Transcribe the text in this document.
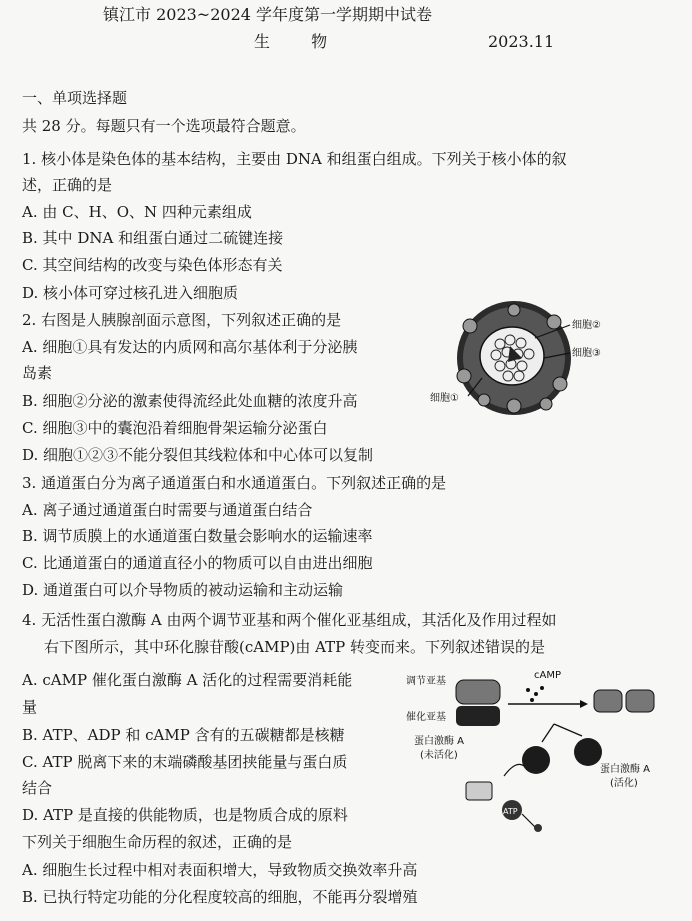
镇江市 2023~2024 学年度第一学期期中试卷
生 物	2023.11
一、单项选择题
共 28 分。每题只有一个选项最符合题意。
1. 核小体是染色体的基本结构，主要由 DNA 和组蛋白组成。下列关于核小体的叙
述，正确的是
A. 由 C、H、O、N 四种元素组成
B. 其中 DNA 和组蛋白通过二硫键连接
C. 其空间结构的改变与染色体形态有关
D. 核小体可穿过核孔进入细胞质
2. 右图是人胰腺剖面示意图，下列叙述正确的是
A. 细胞①具有发达的内质网和高尔基体利于分泌胰
岛素
B. 细胞②分泌的激素使得流经此处血糖的浓度升高
C. 细胞③中的囊泡沿着细胞骨架运输分泌蛋白
D. 细胞①②③不能分裂但其线粒体和中心体可以复制
细胞②
细胞③
细胞①
3. 通道蛋白分为离子通道蛋白和水通道蛋白。下列叙述正确的是
A. 离子通过通道蛋白时需要与通道蛋白结合
B. 调节质膜上的水通道蛋白数量会影响水的运输速率
C. 比通道蛋白的通道直径小的物质可以自由进出细胞
D. 通道蛋白可以介导物质的被动运输和主动运输
4. 无活性蛋白激酶 A 由两个调节亚基和两个催化亚基组成，其活化及作用过程如
右下图所示，其中环化腺苷酸(cAMP)由 ATP 转变而来。下列叙述错误的是
A. cAMP 催化蛋白激酶 A 活化的过程需要消耗能
量
B. ATP、ADP 和 cAMP 含有的五碳糖都是核糖
C. ATP 脱离下来的末端磷酸基团挟能量与蛋白质
结合
D. ATP 是直接的供能物质，也是物质合成的原料	ATP
调节亚基
催化亚基
cAMP
蛋白激酶 A
(未活化)
蛋白激酶 A
(活化)
下列关于细胞生命历程的叙述，正确的是
A. 细胞生长过程中相对表面积增大，导致物质交换效率升高
B. 已执行特定功能的分化程度较高的细胞，不能再分裂增殖
